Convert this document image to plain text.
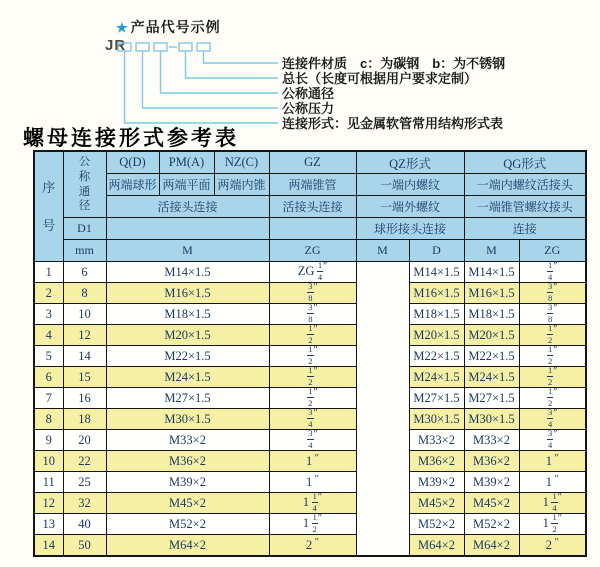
★ 产品代号示例
JR
连接件材质　c：为碳钢　b：为不锈钢
总长（长度可根据用户要求定制）
公称通径
公称压力
连接形式：见金属软管常用结构形式表
螺母连接形式参考表
序号	公称通径	Q(D)	PM(A)	NZ(C)	GZ	QZ形式		QG形式	
		两端球形	两端平面	两端内锥	两端锥管	一端内螺纹		一端内螺纹活接头	
		活接头连接			活接头连接	一端外螺纹		一端锥管螺纹接头	
	D1					球形接头连接		连接	
	mm	M			ZG	M	D	M	ZG
1	6	M14×1.5			ZG  $\frac{1}{4} ''$		M14×1.5	M14×1.5	$\frac{1}{4} ''$
2	8	M16×1.5			$\frac{3}{8} ''$		M16×1.5	M16×1.5	$\frac{3}{8} ''$
3	10	M18×1.5			$\frac{3}{8} ''$		M18×1.5	M18×1.5	$\frac{3}{8} ''$
4	12	M20×1.5			$\frac{1}{2} ''$		M20×1.5	M20×1.5	$\frac{1}{2} ''$
5	14	M22×1.5			$\frac{1}{2} ''$		M22×1.5	M22×1.5	$\frac{1}{2} ''$
6	15	M24×1.5			$\frac{1}{2} ''$		M24×1.5	M24×1.5	$\frac{1}{2} ''$
7	16	M27×1.5			$\frac{1}{2} ''$		M27×1.5	M27×1.5	$\frac{1}{2} ''$
8	18	M30×1.5			$\frac{3}{4} ''$		M30×1.5	M30×1.5	$\frac{3}{4} ''$
9	20	M33×2			$\frac{3}{4} ''$		M33×2	M33×2	$\frac{3}{4} ''$
10	22	M36×2			1 ″		M36×2	M36×2	1 ″
11	25	M39×2			1 ″		M39×2	M39×2	1 ″
12	32	M45×2			$1 \frac{1}{4} ''$		M45×2	M45×2	$1 \frac{1}{4} ''$
13	40	M52×2			$1 \frac{1}{2} ''$		M52×2	M52×2	$1 \frac{1}{2} ''$
14	50	M64×2			2 ″		M64×2	M64×2	2 ″
